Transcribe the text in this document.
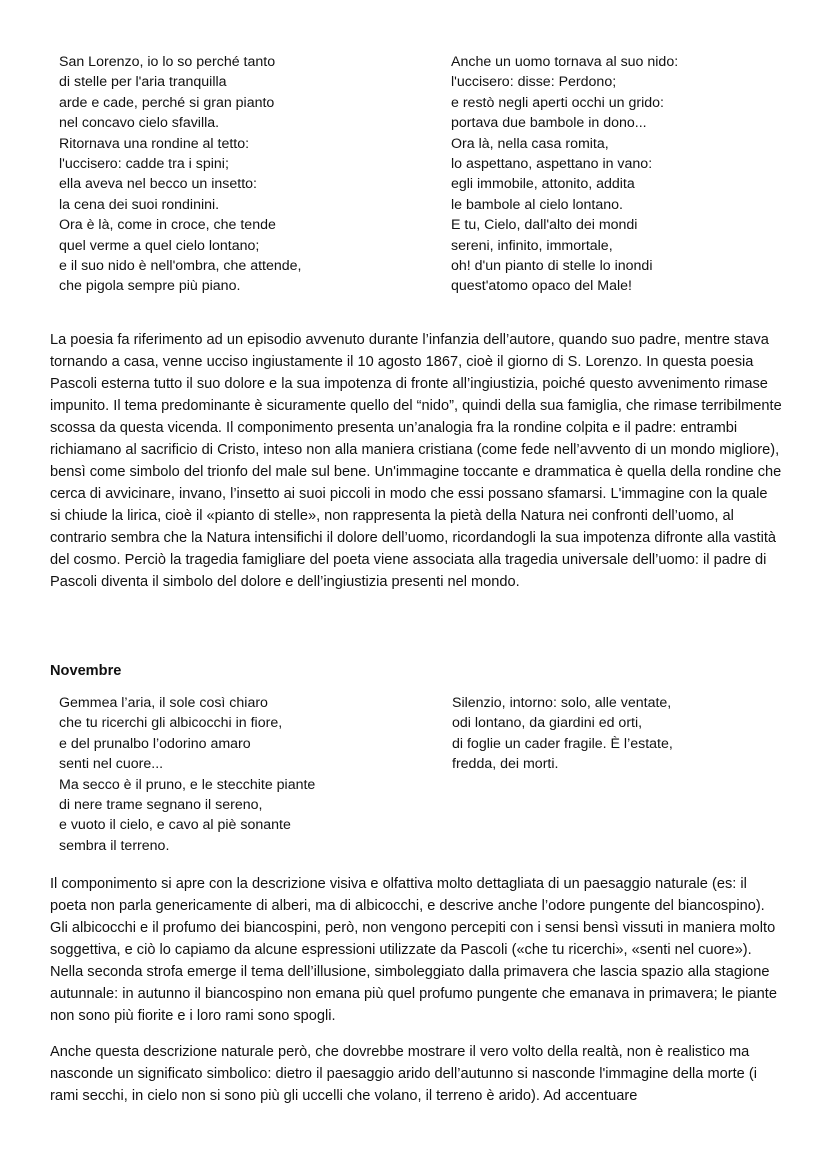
San Lorenzo, io lo so perché tanto
di stelle per l'aria tranquilla
arde e cade, perché si gran pianto
nel concavo cielo sfavilla.
Ritornava una rondine al tetto:
l'uccisero: cadde tra i spini;
ella aveva nel becco un insetto:
la cena dei suoi rondinini.
Ora è là, come in croce, che tende
quel verme a quel cielo lontano;
e il suo nido è nell'ombra, che attende,
che pigola sempre più piano.
Anche un uomo tornava al suo nido:
l'uccisero: disse: Perdono;
e restò negli aperti occhi un grido:
portava due bambole in dono...
Ora là, nella casa romita,
lo aspettano, aspettano in vano:
egli immobile, attonito, addita
le bambole al cielo lontano.
E tu, Cielo, dall'alto dei mondi
sereni, infinito, immortale,
oh! d'un pianto di stelle lo inondi
quest'atomo opaco del Male!

La poesia fa riferimento ad un episodio avvenuto durante l’infanzia dell’autore, quando suo padre, mentre stava tornando a casa, venne ucciso ingiustamente il 10 agosto 1867, cioè il giorno di S. Lorenzo. In questa poesia Pascoli esterna tutto il suo dolore e la sua impotenza di fronte all’ingiustizia, poiché questo avvenimento rimase impunito. Il tema predominante è sicuramente quello del “nido”, quindi della sua famiglia, che rimase terribilmente scossa da questa vicenda. Il componimento presenta un’analogia fra la rondine colpita e il padre: entrambi richiamano al sacrificio di Cristo, inteso non alla maniera cristiana (come fede nell’avvento di un mondo migliore), bensì come simbolo del trionfo del male sul bene. Un'immagine toccante e drammatica è quella della rondine che cerca di avvicinare, invano, l’insetto ai suoi piccoli in modo che essi possano sfamarsi. L'immagine con la quale si chiude la lirica, cioè il «pianto di stelle», non rappresenta la pietà della Natura nei confronti dell’uomo, al contrario sembra che la Natura intensifichi il dolore dell’uomo, ricordandogli la sua impotenza difronte alla vastità del cosmo. Perciò la tragedia famigliare del poeta viene associata alla tragedia universale dell’uomo: il padre di Pascoli diventa il simbolo del dolore e dell’ingiustizia presenti nel mondo.

Novembre
Gemmea l’aria, il sole così chiaro
che tu ricerchi gli albicocchi in fiore,
e del prunalbo l’odorino amaro
senti nel cuore...
Ma secco è il pruno, e le stecchite piante
di nere trame segnano il sereno,
e vuoto il cielo, e cavo al piè sonante
sembra il terreno.
Silenzio, intorno: solo, alle ventate,
odi lontano, da giardini ed orti,
di foglie un cader fragile. È l’estate,
fredda, dei morti.

Il componimento si apre con la descrizione visiva e olfattiva molto dettagliata di un paesaggio naturale (es: il poeta non parla genericamente di alberi, ma di albicocchi, e descrive anche l’odore pungente del biancospino). Gli albicocchi e il profumo dei biancospini, però, non vengono percepiti con i sensi bensì vissuti in maniera molto soggettiva, e ciò lo capiamo da alcune espressioni utilizzate da Pascoli («che tu ricerchi», «senti nel cuore»). Nella seconda strofa emerge il tema dell’illusione, simboleggiato dalla primavera che lascia spazio alla stagione autunnale: in autunno il biancospino non emana più quel profumo pungente che emanava in primavera; le piante non sono più fiorite e i loro rami sono spogli.

Anche questa descrizione naturale però, che dovrebbe mostrare il vero volto della realtà, non è realistico ma nasconde un significato simbolico: dietro il paesaggio arido dell’autunno si nasconde l'immagine della morte (i rami secchi, in cielo non si sono più gli uccelli che volano, il terreno è arido). Ad accentuare
